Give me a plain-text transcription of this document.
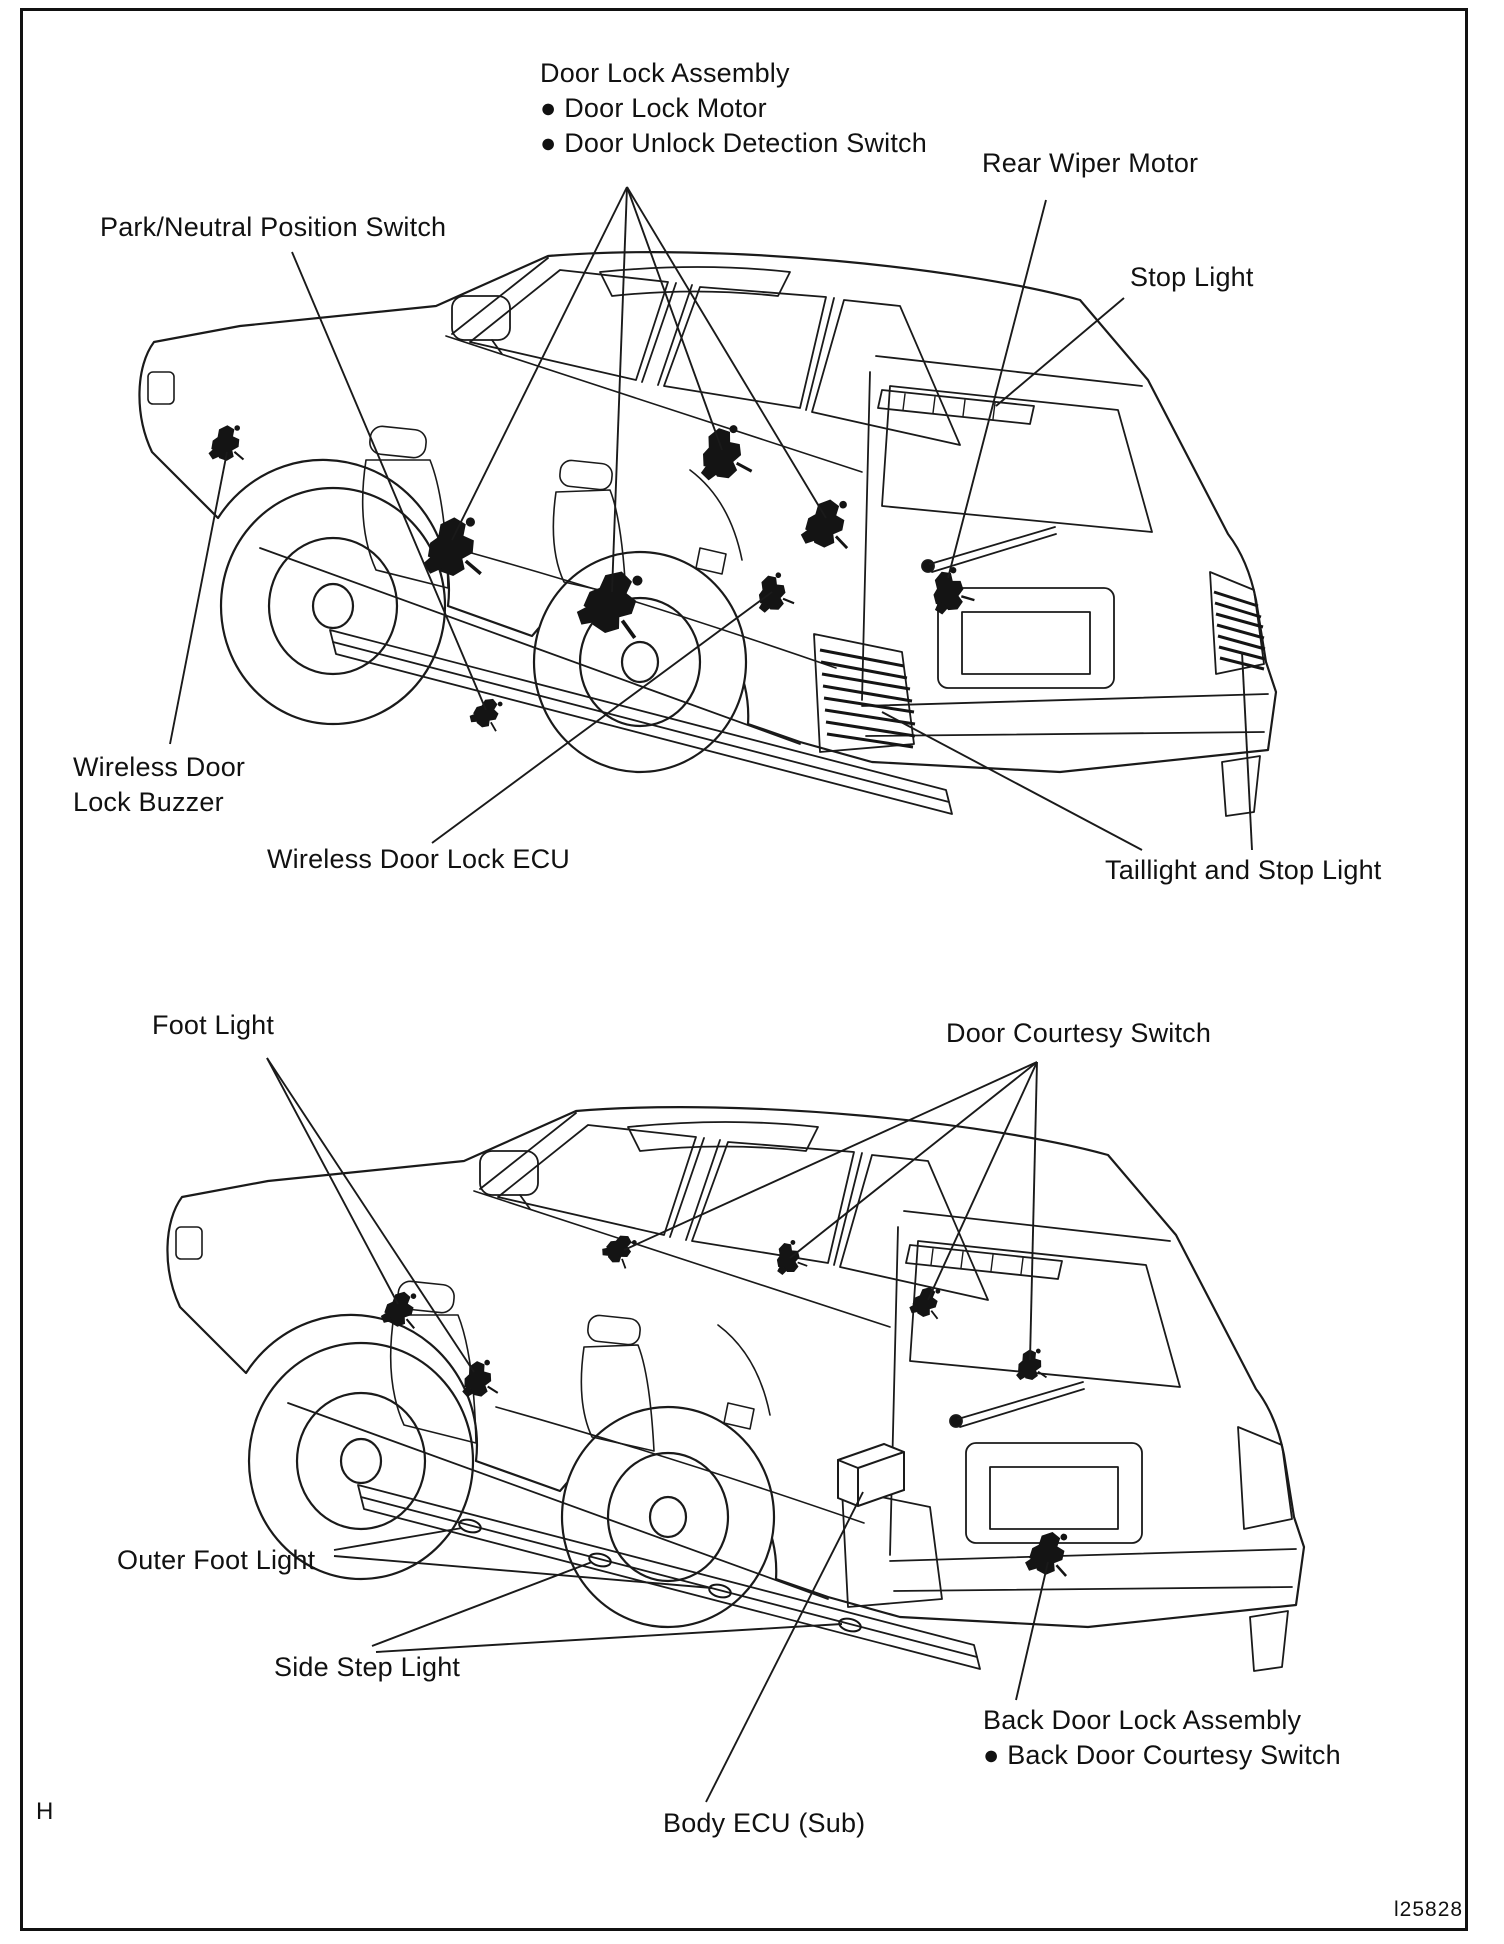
Door Lock Assembly
● Door Lock Motor
● Door Unlock Detection Switch
Park/Neutral Position Switch
Rear Wiper Motor
Stop Light
Wireless Door
Lock Buzzer
Wireless Door Lock ECU	Taillight and Stop Light
Foot Light	Door Courtesy Switch
Outer Foot Light
Side Step Light
Back Door Lock Assembly
● Back Door Courtesy Switch
Body ECU (Sub)
H
l25828
